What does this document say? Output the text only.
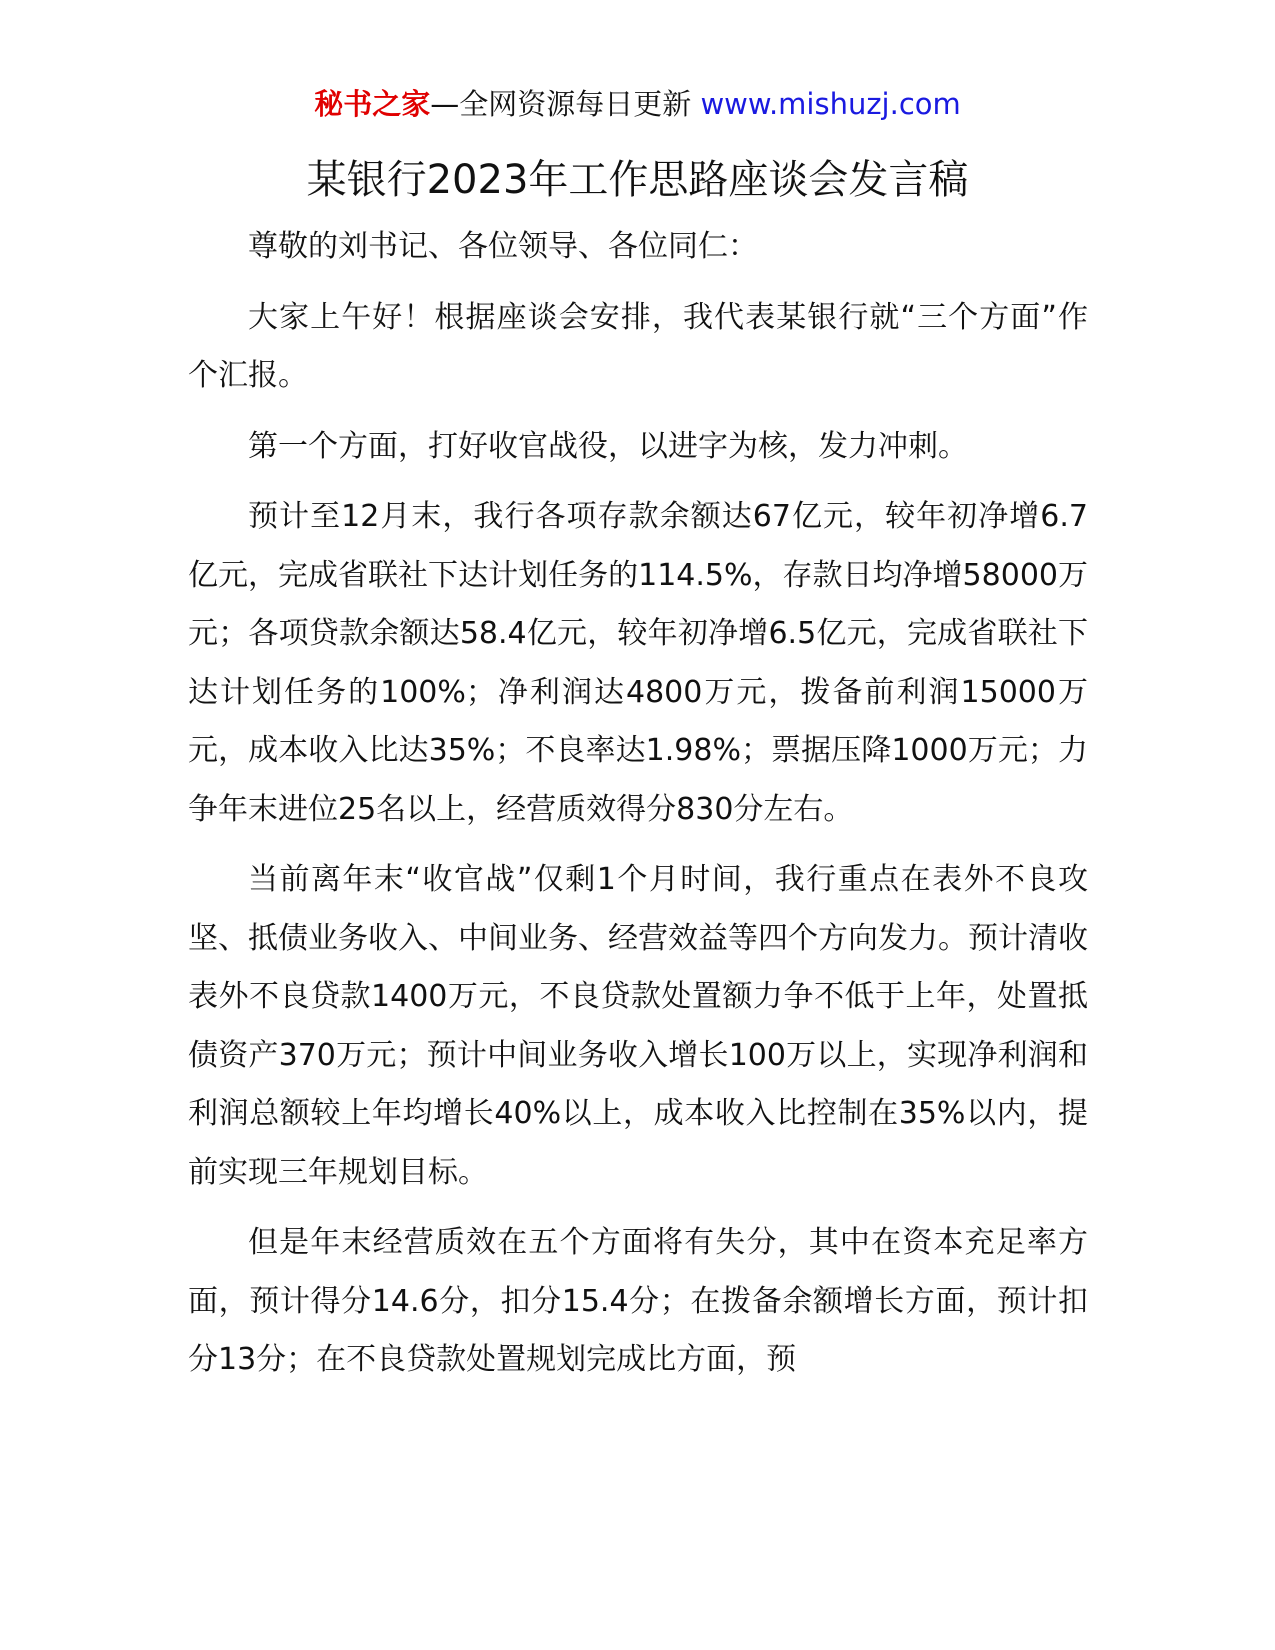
秘书之家—全网资源每日更新 www.mishuzj.com
某银行2023年工作思路座谈会发言稿

尊敬的刘书记、各位领导、各位同仁：

大家上午好！根据座谈会安排，我代表某银行就“三个方面”作个汇报。

第一个方面，打好收官战役，以进字为核，发力冲刺。

预计至12月末，我行各项存款余额达67亿元，较年初净增6.7亿元，完成省联社下达计划任务的114.5%，存款日均净增58000万元；各项贷款余额达58.4亿元，较年初净增6.5亿元，完成省联社下达计划任务的100%；净利润达4800万元，拨备前利润15000万元，成本收入比达35%；不良率达1.98%；票据压降1000万元；力争年末进位25名以上，经营质效得分830分左右。

当前离年末“收官战”仅剩1个月时间，我行重点在表外不良攻坚、抵债业务收入、中间业务、经营效益等四个方向发力。预计清收表外不良贷款1400万元，不良贷款处置额力争不低于上年，处置抵债资产370万元；预计中间业务收入增长100万以上，实现净利润和利润总额较上年均增长40%以上，成本收入比控制在35%以内，提前实现三年规划目标。

但是年末经营质效在五个方面将有失分，其中在资本充足率方面，预计得分14.6分，扣分15.4分；在拨备余额增长方面，预计扣分13分；在不良贷款处置规划完成比方面，预
